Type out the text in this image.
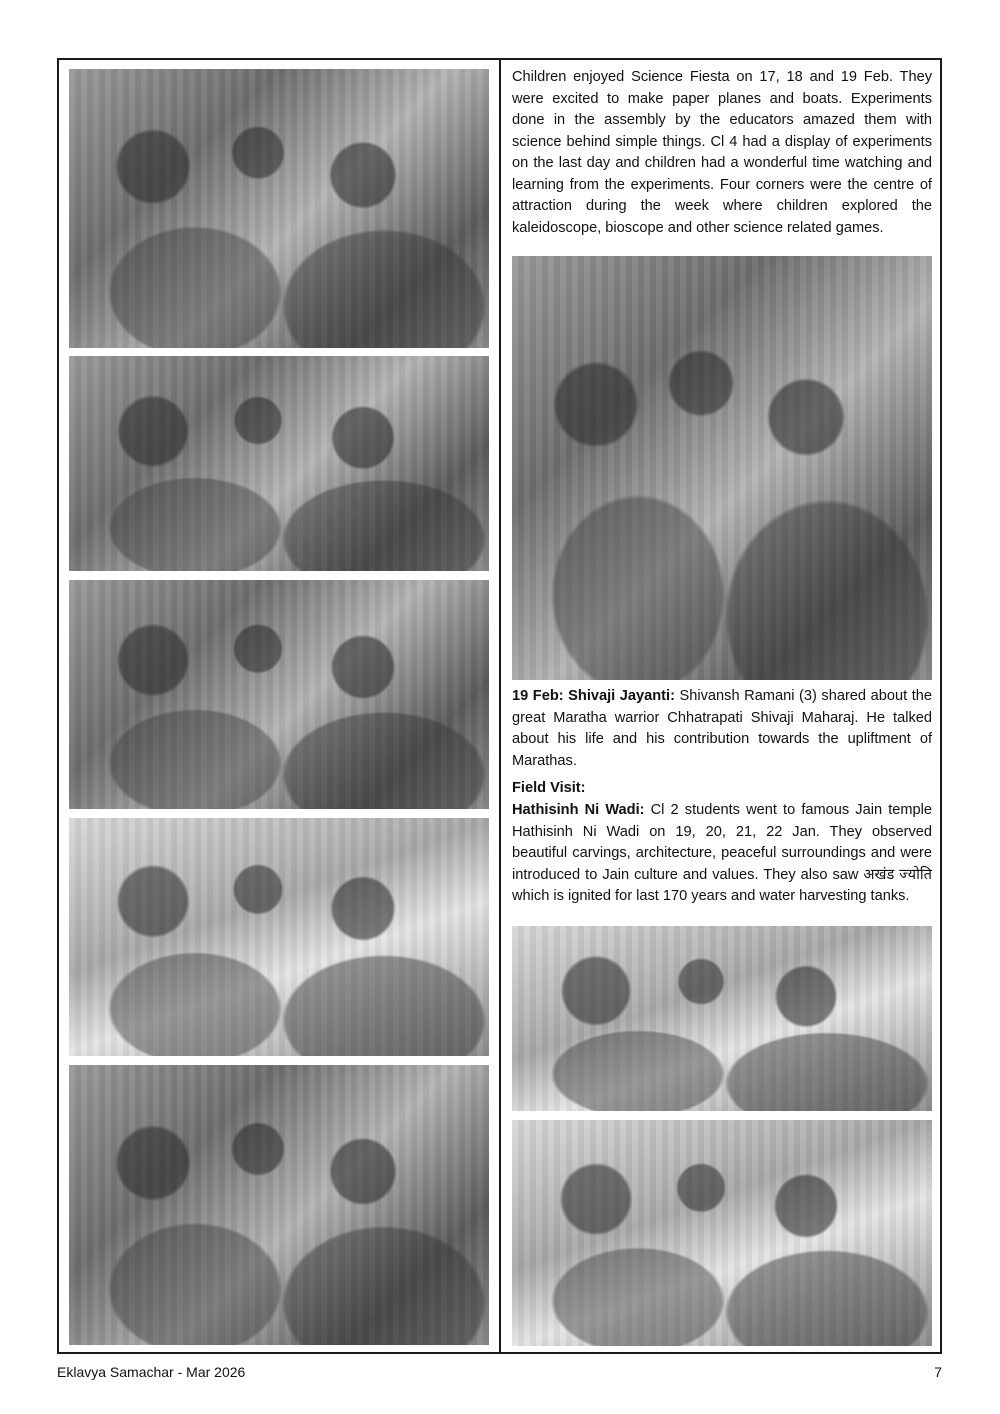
Children enjoyed Science Fiesta on 17, 18 and 19 Feb. They were excited to make paper planes and boats. Experiments done in the assembly by the educators amazed them with science behind simple things. Cl 4 had a display of experiments on the last day and children had a wonderful time watching and learning from the experiments. Four corners were the centre of attraction during the week where children explored the kaleidoscope, bioscope and other science related games.
19 Feb: Shivaji Jayanti: Shivansh Ramani (3) shared about the great Maratha warrior Chhatrapati Shivaji Maharaj. He talked about his life and his contribution towards the upliftment of Marathas.
Field Visit:
Hathisinh Ni Wadi: Cl 2 students went to famous Jain temple Hathisinh Ni Wadi on 19, 20, 21, 22 Jan. They observed beautiful carvings, architecture, peaceful surroundings and were introduced to Jain culture and values. They also saw अखंड ज्योति which is ignited for last 170 years and water harvesting tanks.
Eklavya Samachar - Mar 2026	7
